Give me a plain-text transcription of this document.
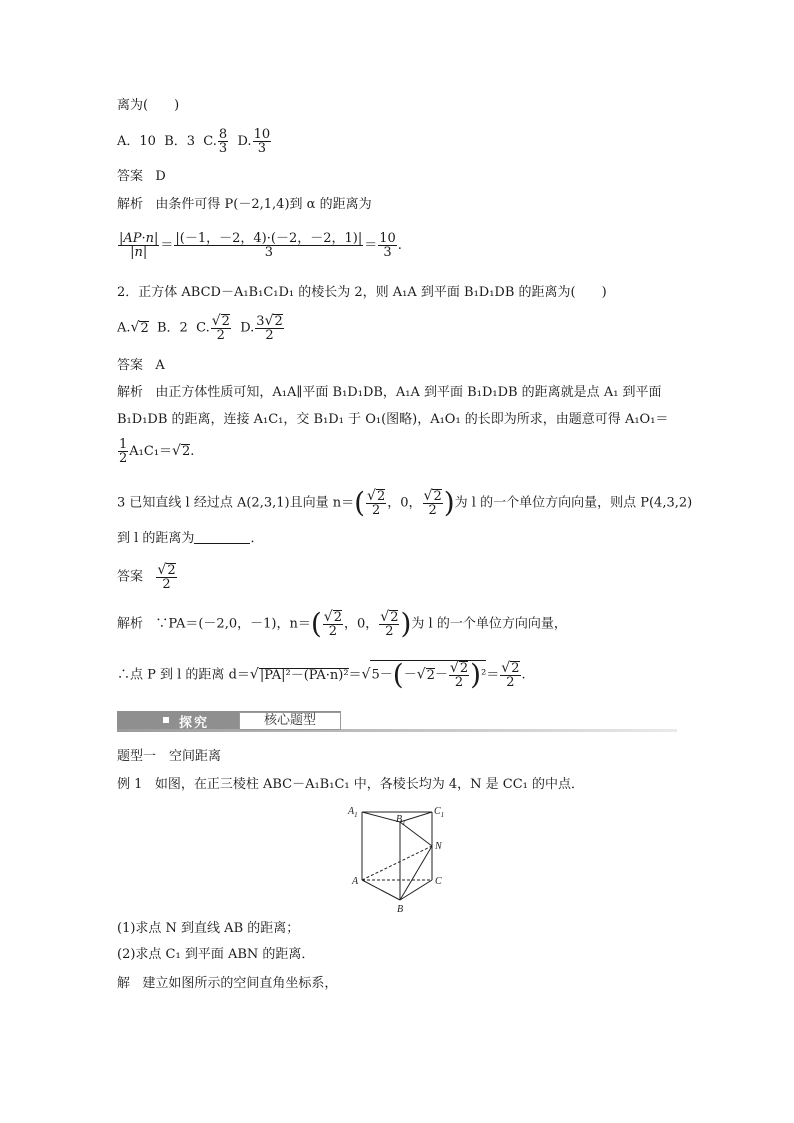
离为(　　)
A．10 B．3 C. $\frac{8}{3} D$. $\frac{10}{3}$
答案 D
解析 由条件可得 P(－2,1,4)到 α 的距离为
$\frac{|AP\cdot n|}{|n|} = \frac{|(-1,-2,4)\cdot(-2,-2,1)|}{3} = \frac{10}{3}$ .
2．正方体 ABCD－A₁B₁C₁D₁ 的棱长为 2，则 A₁A 到平面 B₁D₁DB 的距离为(　　)
A.√2 B．2 C. $\frac{√2}{2} D$. $\frac{3√2}{2}$
答案 A
解析 由正方体性质可知，A₁A∥平面 B₁D₁DB，A₁A 到平面 B₁D₁DB 的距离就是点 A₁ 到平面
B₁D₁DB 的距离，连接 A₁C₁，交 B₁D₁ 于 O₁(图略)，A₁O₁ 的长即为所求，由题意可得 A₁O₁＝
$\frac{1}{2} A_1C_1=√2$.
3 已知直线 l 经过点 A(2,3,1)且向量 $n=( \frac{√2}{2}$ ，0， $\frac{√2}{2}$ )为 l 的一个单位方向向量，则点 P(4,3,2)
到 l 的距离为	．
答案 $\frac{√2}{2}$
解析 ∵PA＝(－2,0，－1)，$n=( \frac{√2}{2}$ ，0， $\frac{√2}{2}$ )为 l 的一个单位方向向量，
∴点 P 到 l 的距离 $d=√|PA|^2-(PA\cdot n)^2=√5-(-√2- \frac{√2}{2} )^2= \frac{√2}{2}$ .
探究	核心题型
题型一　空间距离
例 1 如图，在正三棱柱 ABC－A₁B₁C₁ 中，各棱长均为 4，N 是 CC₁ 的中点．
$A_1$	$B_1$
$C_1$
N
A	C
B
(1)求点 N 到直线 AB 的距离；
(2)求点 C₁ 到平面 ABN 的距离．
解 建立如图所示的空间直角坐标系，
